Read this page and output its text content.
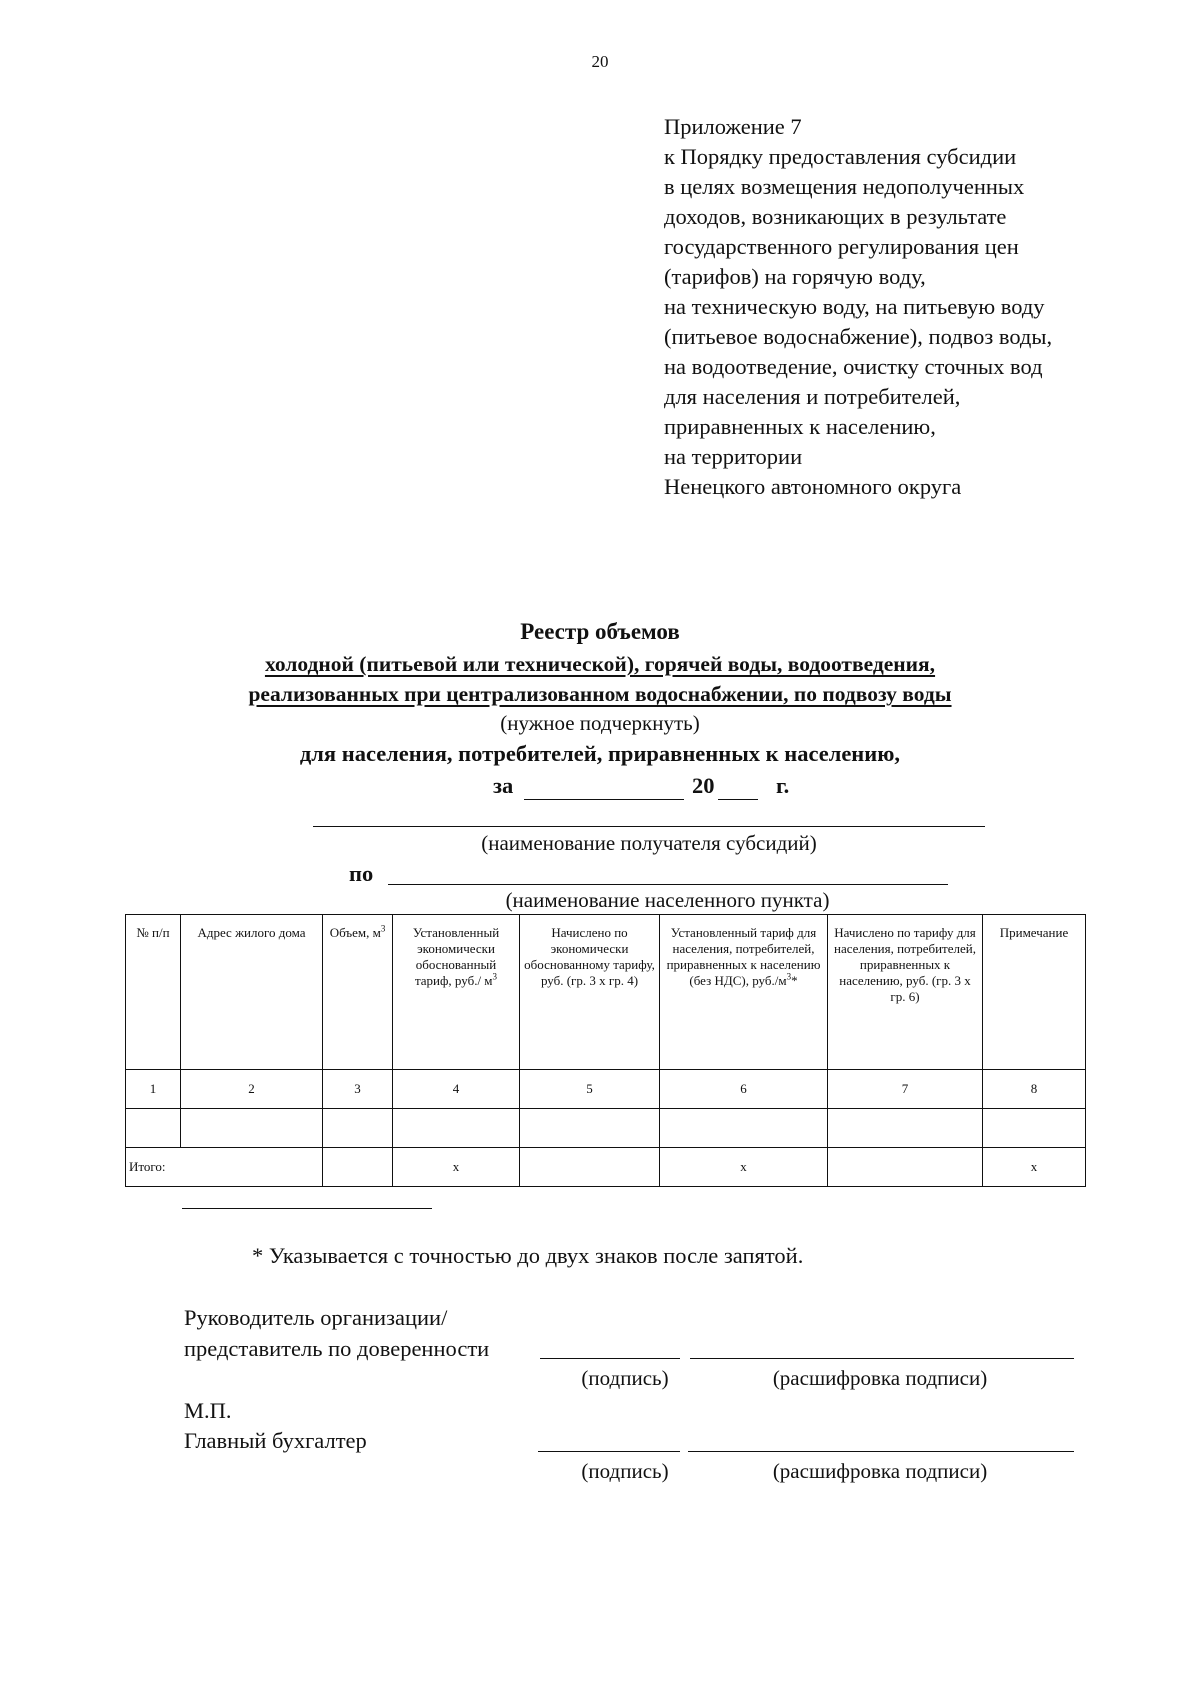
20
Приложение 7
к Порядку предоставления субсидии
в целях возмещения недополученных
доходов, возникающих в результате
государственного регулирования цен
(тарифов) на горячую воду,
на техническую воду, на питьевую воду
(питьевое водоснабжение), подвоз воды,
на водоотведение, очистку сточных вод
для населения и потребителей,
приравненных к населению,
на территории
Ненецкого автономного округа
Реестр объемов
холодной (питьевой или технической), горячей воды, водоотведения,
реализованных при централизованном водоснабжении, по подвозу воды
(нужное подчеркнуть)
для населения, потребителей, приравненных к населению,
за	20	г.
(наименование получателя субсидий)
по
(наименование населенного пункта)
№ п/п	Адрес жилого дома	Объем, $м^3$	Установленный экономически обоснованный тариф, руб./ $м^3$	Начислено по экономически обоснованному тарифу, руб. (гр. 3 x гр. 4)	Установленный тариф для населения, потребителей, приравненных к населению (без НДС), $руб./м^3*$	Начислено по тарифу для населения, потребителей, приравненных к населению, руб. (гр. 3 x гр. 6)	Примечание
1	2	3	4	5	6	7	8

Итого:			x		x		x
* Указывается с точностью до двух знаков после запятой.
Руководитель организации/
представитель по доверенности
(подпись)	(расшифровка подписи)
М.П.
Главный бухгалтер
(подпись)	(расшифровка подписи)
